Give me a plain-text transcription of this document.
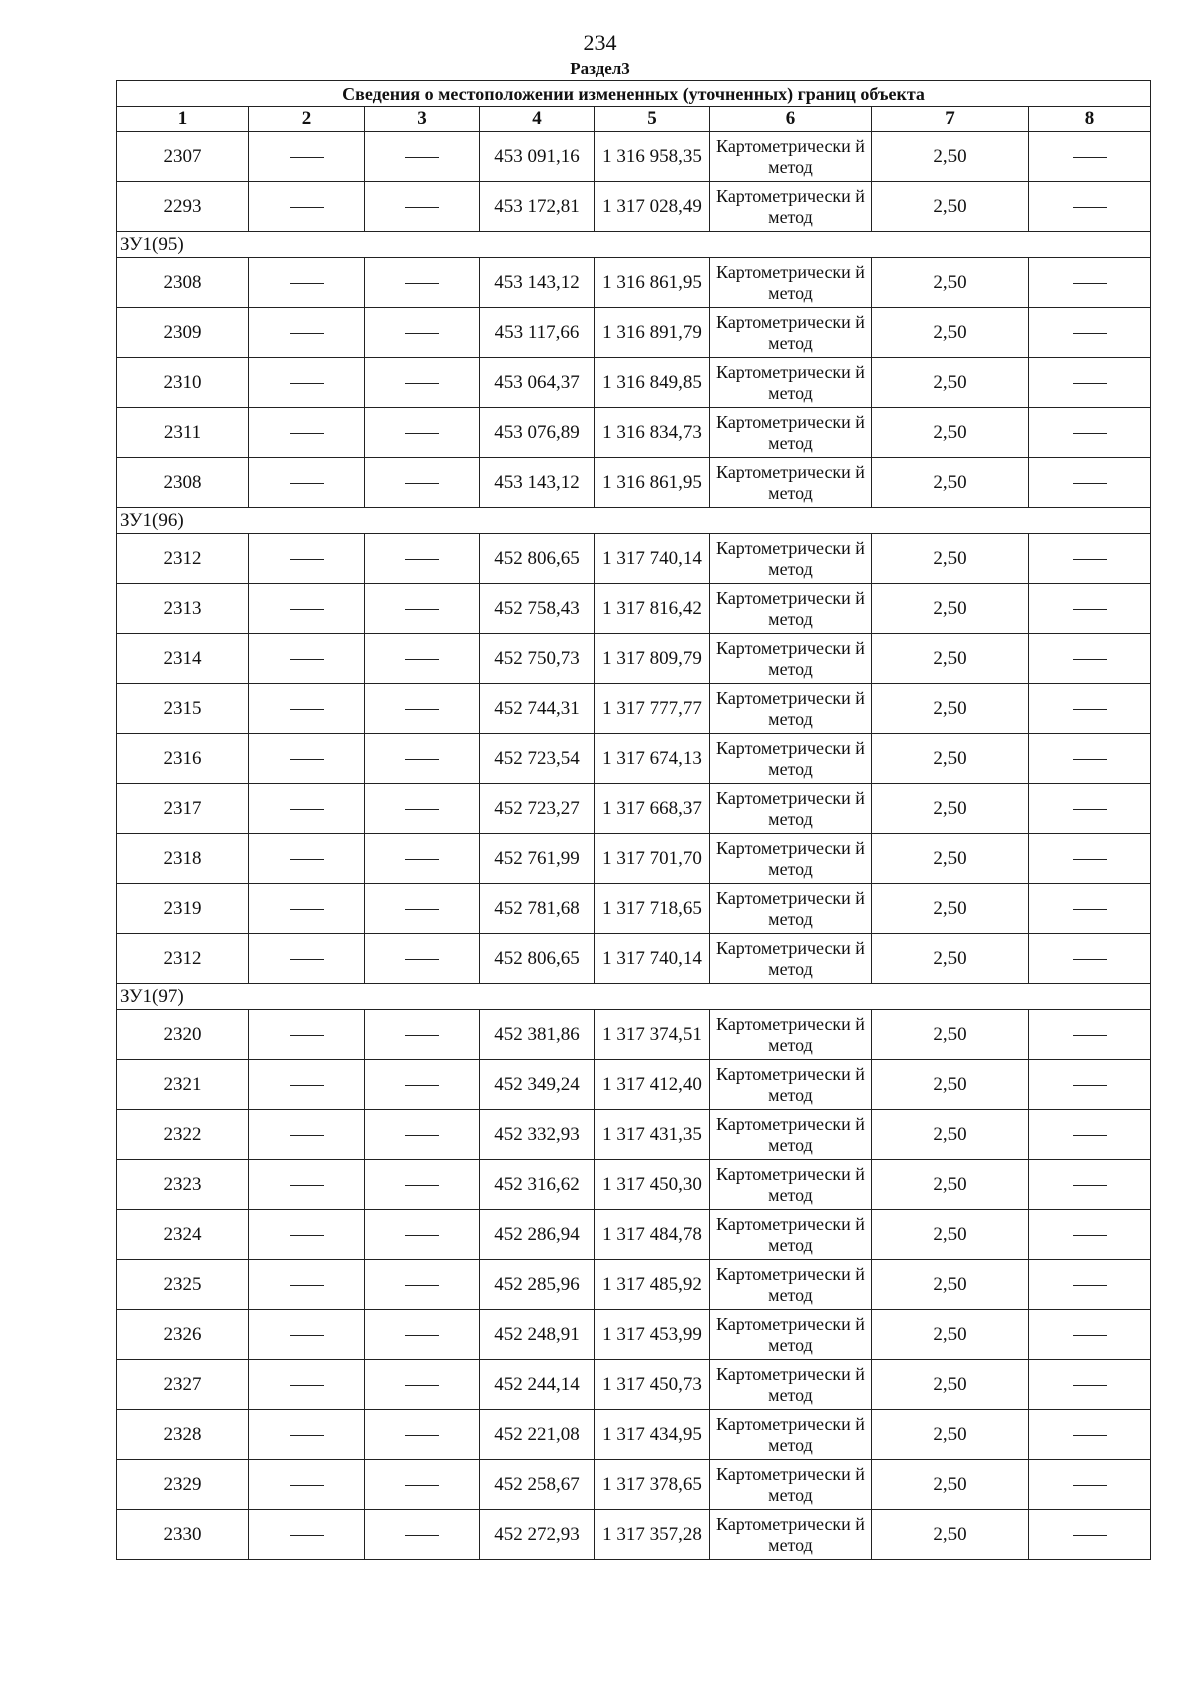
234
Раздел3
Сведения о местоположении измененных (уточненных) границ объекта							
1	2	3	4	5	6	7	8
2307			453 091,16	1 316 958,35	Картометрически й метод	2,50	
2293			453 172,81	1 317 028,49	Картометрически й метод	2,50	
ЗУ1(95)							
2308			453 143,12	1 316 861,95	Картометрически й метод	2,50	
2309			453 117,66	1 316 891,79	Картометрически й метод	2,50	
2310			453 064,37	1 316 849,85	Картометрически й метод	2,50	
2311			453 076,89	1 316 834,73	Картометрически й метод	2,50	
2308			453 143,12	1 316 861,95	Картометрически й метод	2,50	
ЗУ1(96)							
2312			452 806,65	1 317 740,14	Картометрически й метод	2,50	
2313			452 758,43	1 317 816,42	Картометрически й метод	2,50	
2314			452 750,73	1 317 809,79	Картометрически й метод	2,50	
2315			452 744,31	1 317 777,77	Картометрически й метод	2,50	
2316			452 723,54	1 317 674,13	Картометрически й метод	2,50	
2317			452 723,27	1 317 668,37	Картометрически й метод	2,50	
2318			452 761,99	1 317 701,70	Картометрически й метод	2,50	
2319			452 781,68	1 317 718,65	Картометрически й метод	2,50	
2312			452 806,65	1 317 740,14	Картометрически й метод	2,50	
ЗУ1(97)							
2320			452 381,86	1 317 374,51	Картометрически й метод	2,50	
2321			452 349,24	1 317 412,40	Картометрически й метод	2,50	
2322			452 332,93	1 317 431,35	Картометрически й метод	2,50	
2323			452 316,62	1 317 450,30	Картометрически й метод	2,50	
2324			452 286,94	1 317 484,78	Картометрически й метод	2,50	
2325			452 285,96	1 317 485,92	Картометрически й метод	2,50	
2326			452 248,91	1 317 453,99	Картометрически й метод	2,50	
2327			452 244,14	1 317 450,73	Картометрически й метод	2,50	
2328			452 221,08	1 317 434,95	Картометрически й метод	2,50	
2329			452 258,67	1 317 378,65	Картометрически й метод	2,50	
2330			452 272,93	1 317 357,28	Картометрически й метод	2,50	
